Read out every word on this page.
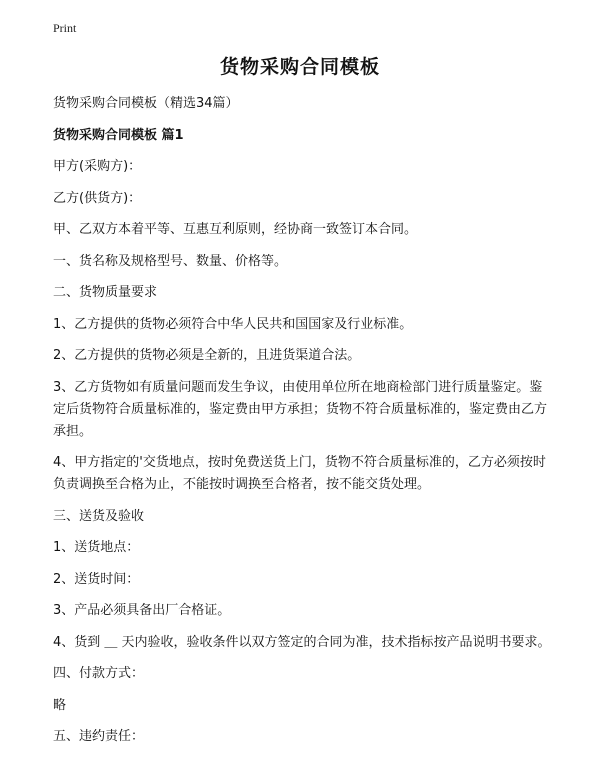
Print
货物采购合同模板

货物采购合同模板（精选34篇）

货物采购合同模板 篇1

甲方(采购方)：

乙方(供货方)：

甲、乙双方本着平等、互惠互利原则，经协商一致签订本合同。

一、货名称及规格型号、数量、价格等。

二、货物质量要求

1、乙方提供的货物必须符合中华人民共和国国家及行业标准。

2、乙方提供的货物必须是全新的，且进货渠道合法。

3、乙方货物如有质量问题而发生争议，由使用单位所在地商检部门进行质量鉴定。鉴定后货物符合质量标准的，鉴定费由甲方承担；货物不符合质量标准的，鉴定费由乙方承担。

4、甲方指定的'交货地点，按时免费送货上门，货物不符合质量标准的，乙方必须按时负责调换至合格为止，不能按时调换至合格者，按不能交货处理。

三、送货及验收

1、送货地点：

2、送货时间：

3、产品必须具备出厂合格证。

4、货到 ＿ 天内验收，验收条件以双方签定的合同为准，技术指标按产品说明书要求。

四、付款方式：

略

五、违约责任：
